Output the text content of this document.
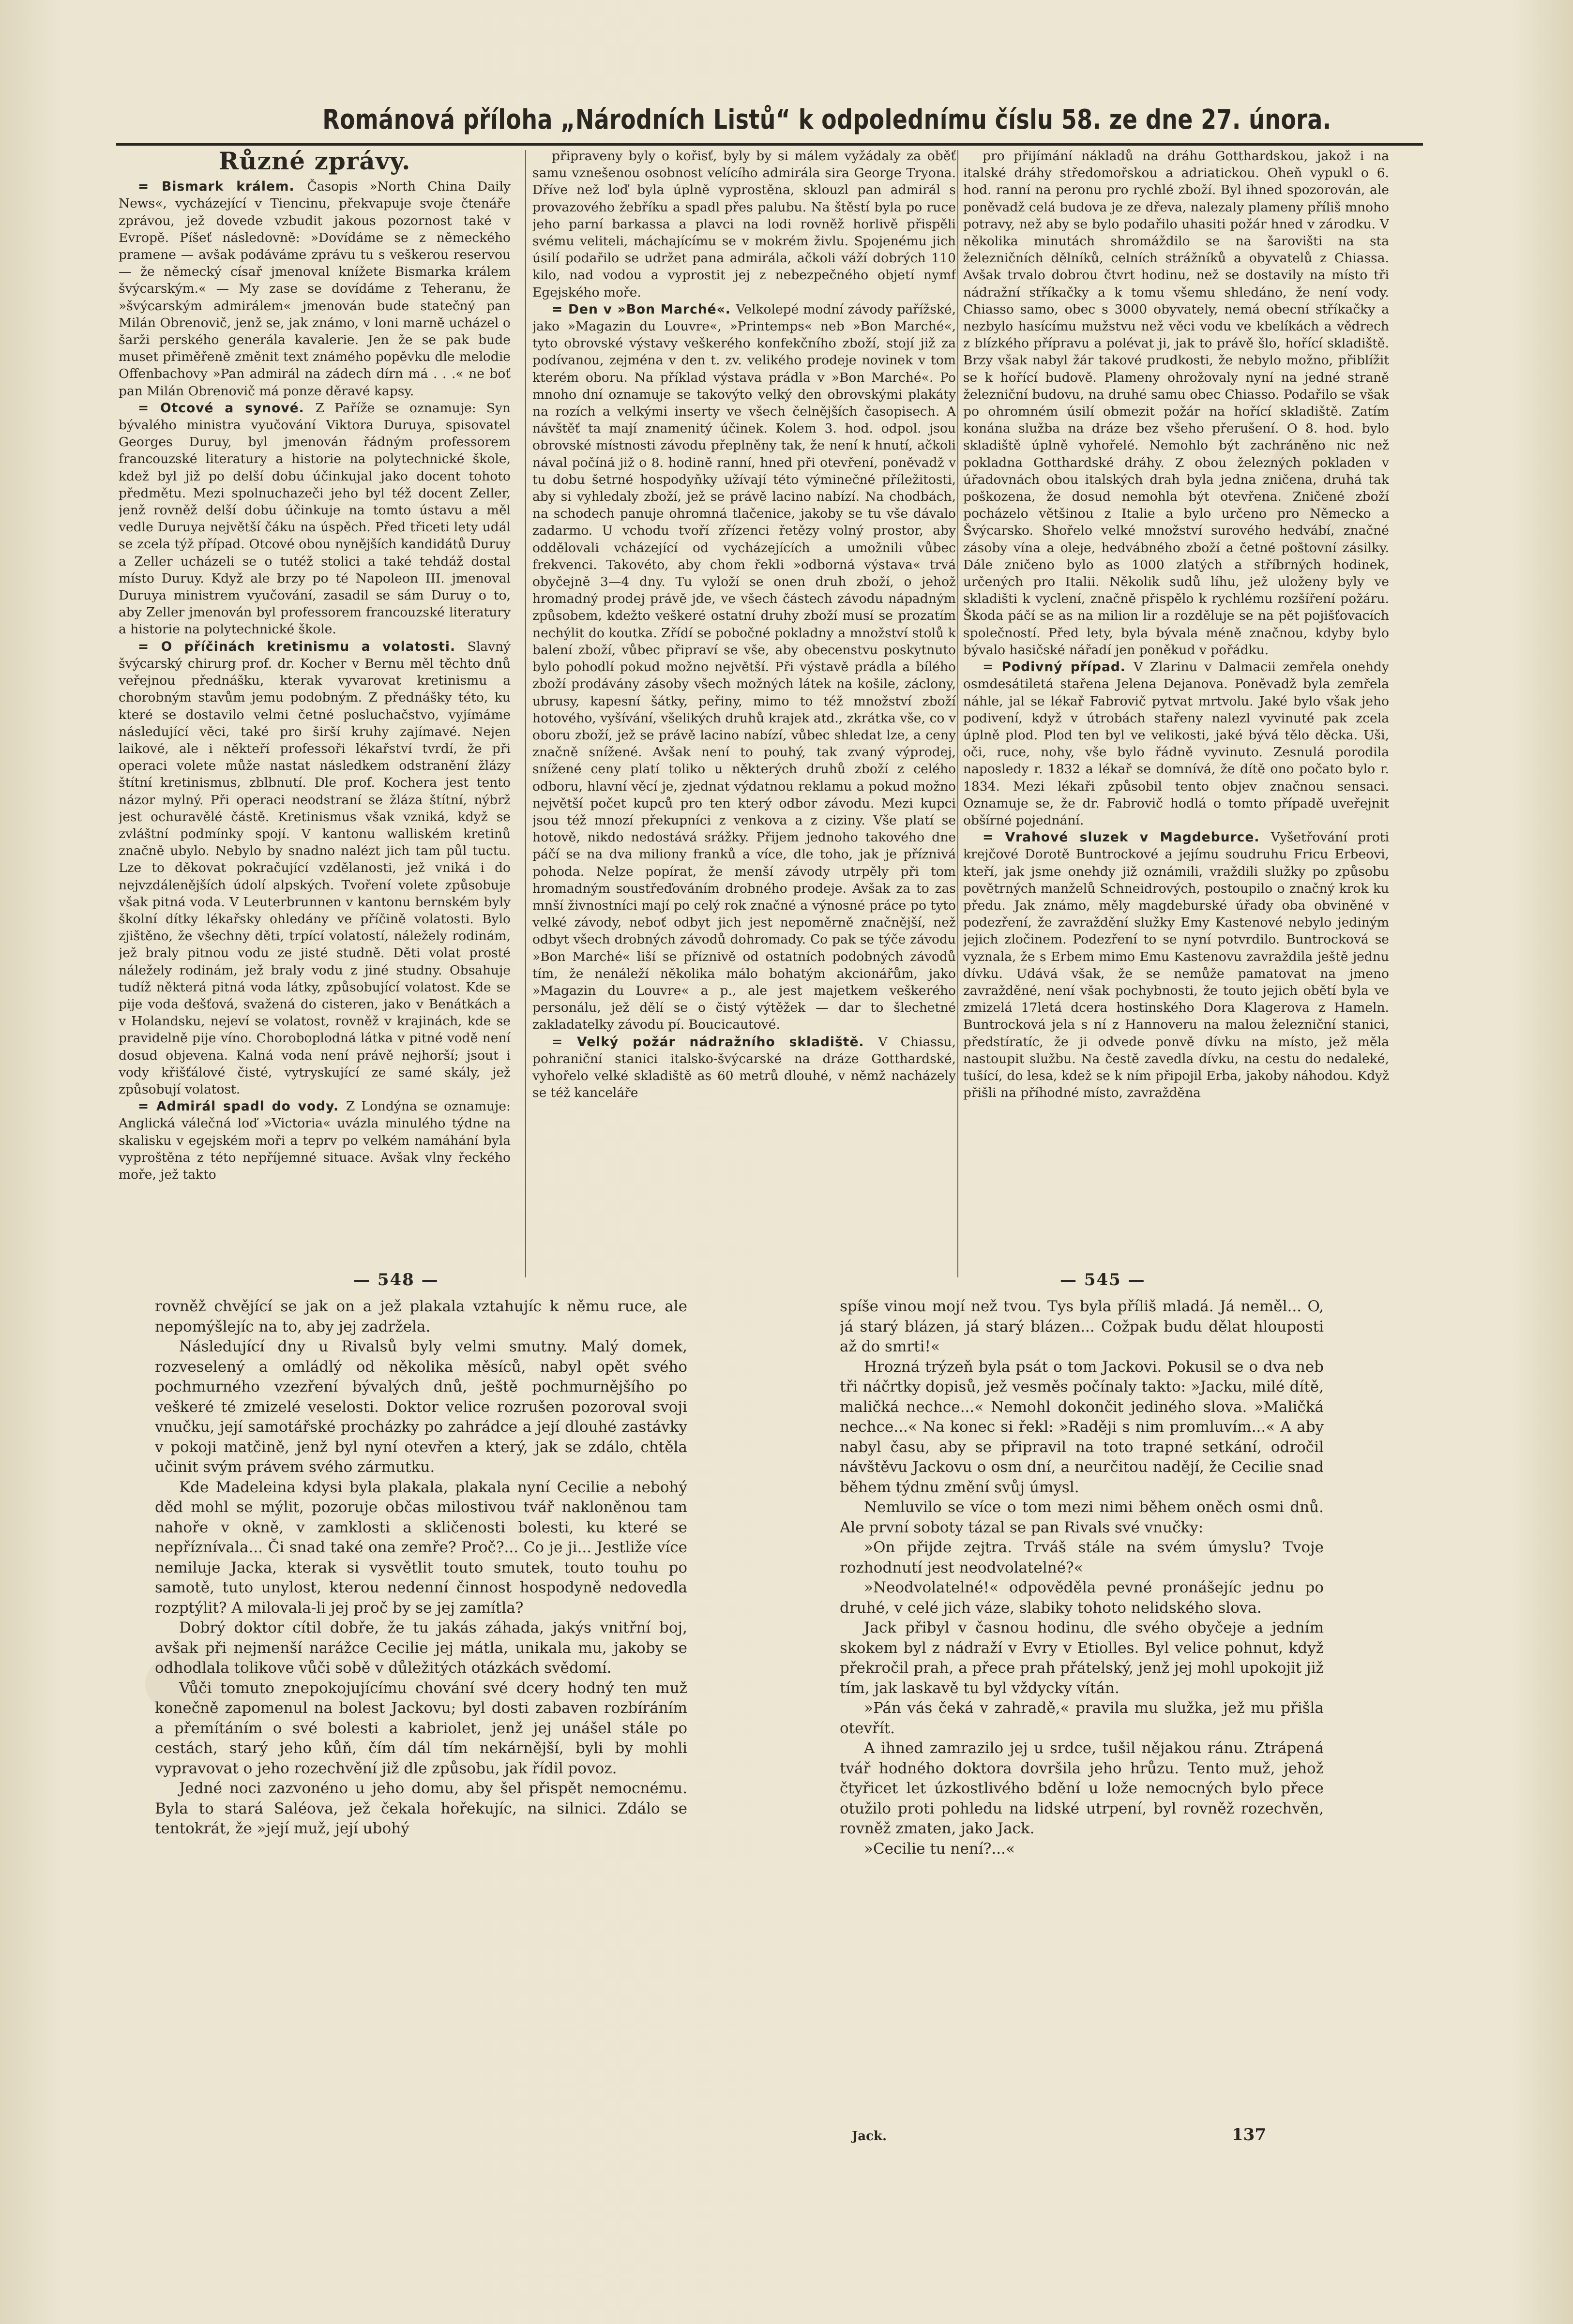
Románová příloha „Národních Listů“ k odpolednímu číslu 58. ze dne 27. února.
Různé zprávy.

= Bismark králem. Časopis »North China Daily News«, vycházející v Tiencinu, překvapuje svoje čtenáře zprávou, jež dovede vzbudit jakous pozornost také v Evropě. Píšeť následovně: »Dovídáme se z německého pramene — avšak podáváme zprávu tu s veškerou reservou — že německý císař jmenoval knížete Bismarka králem švýcarským.« — My zase se dovídáme z Teheranu, že »švýcarským admirálem« jmenován bude statečný pan Milán Obrenovič, jenž se, jak známo, v loni marně ucházel o šarži perského generála kavalerie. Jen že se pak bude muset přiměřeně změnit text známého popěvku dle melodie Offenbachovy »Pan admirál na zádech dírn má . . .« ne boť pan Milán Obrenovič má ponze děravé kapsy.

= Otcové a synové. Z Paříže se oznamuje: Syn bývalého ministra vyučování Viktora Duruya, spisovatel Georges Duruy, byl jmenován řádným professorem francouzské literatury a historie na polytechnické škole, kdež byl již po delší dobu účinkujal jako docent tohoto předmětu. Mezi spolnuchazeči jeho byl též docent Zeller, jenž rovněž delší dobu účinkuje na tomto ústavu a měl vedle Duruya největší čáku na úspěch. Před třiceti lety udál se zcela týž případ. Otcové obou nynějších kandidátů Duruy a Zeller ucházeli se o tutéž stolici a také tehdáž dostal místo Duruy. Když ale brzy po té Napoleon III. jmenoval Duruya ministrem vyučování, zasadil se sám Duruy o to, aby Zeller jmenován byl professorem francouzské literatury a historie na polytechnické škole.

= O příčinách kretinismu a volatosti. Slavný švýcarský chirurg prof. dr. Kocher v Bernu měl těchto dnů veřejnou přednášku, kterak vyvarovat kretinismu a chorobným stavům jemu podobným. Z přednášky této, ku které se dostavilo velmi četné posluchačstvo, vyjímáme následující věci, také pro širší kruhy zajímavé. Nejen laikové, ale i někteří professoři lékařství tvrdí, že při operaci volete může nastat následkem odstranění žlázy štítní kretinismus, zblbnutí. Dle prof. Kochera jest tento názor mylný. Při operaci neodstraní se žláza štítní, nýbrž jest ochuravělé částě. Kretinismus však vzniká, když se zvláštní podmínky spojí. V kantonu walliském kretinů značně ubylo. Nebylo by snadno nalézt jich tam půl tuctu. Lze to děkovat pokračující vzdělanosti, jež vniká i do nejvzdálenějších údolí alpských. Tvoření volete způsobuje však pitná voda. V Leuterbrunnen v kantonu bernském byly školní dítky lékařsky ohledány ve příčině volatosti. Bylo zjištěno, že všechny děti, trpící volatostí, náležely rodinám, jež braly pitnou vodu ze jisté studně. Děti volat prosté náležely rodinám, jež braly vodu z jiné studny. Obsahuje tudíž některá pitná voda látky, způsobující volatost. Kde se pije voda dešťová, svažená do cisteren, jako v Benátkách a v Holandsku, nejeví se volatost, rovněž v krajinách, kde se pravidelně pije víno. Choroboplodná látka v pitné vodě není dosud objevena. Kalná voda není právě nejhorší; jsout i vody křišťálové čisté, vytryskující ze samé skály, jež způsobují volatost.

= Admirál spadl do vody. Z Londýna se oznamuje: Anglická válečná loď »Victoria« uvázla minulého týdne na skalisku v egejském moři a teprv po velkém namáhání byla vyproštěna z této nepříjemné situace. Avšak vlny řeckého moře, jež takto

připraveny byly o kořisť, byly by si málem vyžádaly za oběť samu vznešenou osobnost velícího admirála sira George Tryona. Dříve než loď byla úplně vyprostěna, sklouzl pan admirál s provazového žebříku a spadl přes palubu. Na štěstí byla po ruce jeho parní barkassa a plavci na lodi rovněž horlivě přispěli svému veliteli, máchajícímu se v mokrém živlu. Spojenému jich úsilí podařilo se udržet pana admirála, ačkoli váží dobrých 110 kilo, nad vodou a vyprostit jej z nebezpečného objetí nymf Egejského moře.

= Den v »Bon Marché«. Velkolepé modní závody pařížské, jako »Magazin du Louvre«, »Printemps« neb »Bon Marché«, tyto obrovské výstavy veškerého konfekčního zboží, stojí již za podívanou, zejména v den t. zv. velikého prodeje novinek v tom kterém oboru. Na příklad výstava prádla v »Bon Marché«. Po mnoho dní oznamuje se takovýto velký den obrovskými plakáty na rozích a velkými inserty ve všech čelnějších časopisech. A návštěť ta mají znamenitý účinek. Kolem 3. hod. odpol. jsou obrovské místnosti závodu přeplněny tak, že není k hnutí, ačkoli nával počíná již o 8. hodině ranní, hned při otevření, poněvadž v tu dobu šetrné hospodyňky užívají této výminečné příležitosti, aby si vyhledaly zboží, jež se právě lacino nabízí. Na chodbách, na schodech panuje ohromná tlačenice, jakoby se tu vše dávalo zadarmo. U vchodu tvoří zřízenci řetězy volný prostor, aby oddělovali vcházející od vycházejících a umožnili vůbec frekvenci. Takovéto, aby chom řekli »odborná výstava« trvá obyčejně 3—4 dny. Tu vyloží se onen druh zboží, o jehož hromadný prodej právě jde, ve všech částech závodu nápadným způsobem, kdežto veškeré ostatní druhy zboží musí se prozatím nechýlit do koutka. Zřídí se pobočné pokladny a množství stolů k balení zboží, vůbec připraví se vše, aby obecenstvu poskytnuto bylo pohodlí pokud možno největší. Při výstavě prádla a bílého zboží prodávány zásoby všech možných látek na košile, záclony, ubrusy, kapesní šátky, peřiny, mimo to též množství zboží hotového, vyšívání, všelikých druhů krajek atd., zkrátka vše, co v oboru zboží, jež se právě lacino nabízí, vůbec shledat lze, a ceny značně snížené. Avšak není to pouhý, tak zvaný výprodej, snížené ceny platí toliko u některých druhů zboží z celého odboru, hlavní věcí je, zjednat výdatnou reklamu a pokud možno největší počet kupců pro ten který odbor závodu. Mezi kupci jsou též mnozí překupníci z venkova a z ciziny. Vše platí se hotově, nikdo nedostává srážky. Přijem jednoho takového dne páčí se na dva miliony franků a více, dle toho, jak je příznivá pohoda. Nelze popírat, že menší závody utrpěly při tom hromadným soustřeďováním drobného prodeje. Avšak za to zas mnší živnostníci mají po celý rok značné a výnosné práce po tyto velké závody, neboť odbyt jich jest nepoměrně značnější, než odbyt všech drobných závodů dohromady. Co pak se týče závodu »Bon Marché« liší se příznivě od ostatních podobných závodů tím, že nenáleží několika málo bohatým akcionářům, jako »Magazin du Louvre« a p., ale jest majetkem veškerého personálu, jež dělí se o čistý výtěžek — dar to šlechetné zakladatelky závodu pí. Boucicautové.

= Velký požár nádražního skladiště. V Chiassu, pohraniční stanici italsko-švýcarské na dráze Gotthardské, vyhořelo velké skladiště as 60 metrů dlouhé, v němž nacházely se též kanceláře

pro přijímání nákladů na dráhu Gotthardskou, jakož i na italské dráhy středomořskou a adriatickou. Oheň vypukl o 6. hod. ranní na peronu pro rychlé zboží. Byl ihned spozorován, ale poněvadž celá budova je ze dřeva, nalezaly plameny příliš mnoho potravy, než aby se bylo podařilo uhasiti požár hned v zárodku. V několika minutách shromáždilo se na šarovišti na sta železničních dělníků, celních strážníků a obyvatelů z Chiassa. Avšak trvalo dobrou čtvrt hodinu, než se dostavily na místo tři nádražní stříkačky a k tomu všemu shledáno, že není vody. Chiasso samo, obec s 3000 obyvately, nemá obecní stříkačky a nezbylo hasícímu mužstvu než věci vodu ve kbelíkách a vědrech z blízkého přípravu a polévat ji, jak to právě šlo, hořící skladiště. Brzy však nabyl žár takové prudkosti, že nebylo možno, přiblížit se k hořící budově. Plameny ohrožovaly nyní na jedné straně železniční budovu, na druhé samu obec Chiasso. Podařilo se však po ohromném úsilí obmezit požár na hořící skladiště. Zatím konána služba na dráze bez všeho přerušení. O 8. hod. bylo skladiště úplně vyhořelé. Nemohlo být zachráněno nic než pokladna Gotthardské dráhy. Z obou železných pokladen v úřadovnách obou italských drah byla jedna zničena, druhá tak poškozena, že dosud nemohla být otevřena. Zničené zboží pocházelo většinou z Italie a bylo určeno pro Německo a Švýcarsko. Shořelo velké množství surového hedvábí, značné zásoby vína a oleje, hedvábného zboží a četné poštovní zásilky. Dále zničeno bylo as 1000 zlatých a stříbrných hodinek, určených pro Italii. Několik sudů líhu, jež uloženy byly ve skladišti k vyclení, značně přispělo k rychlému rozšíření požáru. Škoda páčí se as na milion lir a rozděluje se na pět pojišťovacích společností. Před lety, byla bývala méně značnou, kdyby bylo bývalo hasičské nářadí jen poněkud v pořádku.

= Podivný případ. V Zlarinu v Dalmacii zemřela onehdy osmdesátiletá stařena Jelena Dejanova. Poněvadž byla zemřela náhle, jal se lékař Fabrovič pytvat mrtvolu. Jaké bylo však jeho podivení, když v útrobách stařeny nalezl vyvinuté pak zcela úplně plod. Plod ten byl ve velikosti, jaké bývá tělo děcka. Uši, oči, ruce, nohy, vše bylo řádně vyvinuto. Zesnulá porodila naposledy r. 1832 a lékař se domnívá, že dítě ono počato bylo r. 1834. Mezi lékaři způsobil tento objev značnou sensaci. Oznamuje se, že dr. Fabrovič hodlá o tomto případě uveřejnit obšírné pojednání.

= Vrahové sluzek v Magdeburce. Vyšetřování proti krejčové Dorotě Buntrockové a jejímu soudruhu Fricu Erbeovi, kteří, jak jsme onehdy již oznámili, vraždili služky po způsobu povětrných manželů Schneidrových, postoupilo o značný krok ku předu. Jak známo, měly magdeburské úřady oba obviněné v podezření, že zavraždění služky Emy Kastenové nebylo jediným jejich zločinem. Podezření to se nyní potvrdilo. Buntrocková se vyznala, že s Erbem mimo Emu Kastenovu zavraždila ještě jednu dívku. Udává však, že se nemůže pamatovat na jmeno zavražděné, není však pochybnosti, že touto jejich obětí byla ve zmizelá 17letá dcera hostinského Dora Klagerova z Hameln. Buntrocková jela s ní z Hannoveru na malou železniční stanici, předstíratíc, že ji odvede ponvě dívku na místo, jež měla nastoupit službu. Na čestě zavedla dívku, na cestu do nedaleké, tušící, do lesa, kdež se k ním připojil Erba, jakoby náhodou. Když přišli na příhodné místo, zavražděna

— 548 —	— 545 —

rovněž chvějící se jak on a jež plakala vztahujíc k němu ruce, ale nepomýšlejíc na to, aby jej zadržela.

Následující dny u Rivalsů byly velmi smutny. Malý domek, rozveselený a omládlý od několika měsíců, nabyl opět svého pochmurného vzezření bývalých dnů, ještě pochmurnějšího po veškeré té zmizelé veselosti. Doktor velice rozrušen pozoroval svoji vnučku, její samotářské procházky po zahrádce a její dlouhé zastávky v pokoji matčině, jenž byl nyní otevřen a který, jak se zdálo, chtěla učinit svým právem svého zármutku.

Kde Madeleina kdysi byla plakala, plakala nyní Cecilie a nebohý děd mohl se mýlit, pozoruje občas milostivou tvář nakloněnou tam nahoře v okně, v zamklosti a skličenosti bolesti, ku které se nepříznívala... Či snad také ona zemře? Proč?... Co je ji... Jestliže více nemiluje Jacka, kterak si vysvětlit touto smutek, touto touhu po samotě, tuto unylost, kterou nedenní činnost hospodyně nedovedla rozptýlit? A milovala-li jej proč by se jej zamítla?

Dobrý doktor cítil dobře, že tu jakás záhada, jakýs vnitřní boj, avšak při nejmenší narážce Cecilie jej mátla, unikala mu, jakoby se odhodlala tolikove vůči sobě v důležitých otázkách svědomí.

Vůči tomuto znepokojujícímu chování své dcery hodný ten muž konečně zapomenul na bolest Jackovu; byl dosti zabaven rozbíráním a přemítáním o své bolesti a kabriolet, jenž jej unášel stále po cestách, starý jeho kůň, čím dál tím nekárnější, byli by mohli vypravovat o jeho rozechvění již dle způsobu, jak řídil povoz.

Jedné noci zazvonéno u jeho domu, aby šel přispět nemocnému. Byla to stará Saléova, jež čekala hořekujíc, na silnici. Zdálo se tentokrát, že »její muž, její ubohý

spíše vinou mojí než tvou. Tys byla příliš mladá. Já neměl... O, já starý blázen, já starý blázen... Cožpak budu dělat hlouposti až do smrti!«

Hrozná trýzeň byla psát o tom Jackovi. Pokusil se o dva neb tři náčrtky dopisů, jež vesměs počínaly takto: »Jacku, milé dítě, maličká nechce...« Nemohl dokončit jediného slova. »Maličká nechce...« Na konec si řekl: »Raději s nim promluvím...« A aby nabyl času, aby se připravil na toto trapné setkání, odročil návštěvu Jackovu o osm dní, a neurčitou nadějí, že Cecilie snad během týdnu změní svůj úmysl.

Nemluvilo se více o tom mezi nimi během oněch osmi dnů. Ale první soboty tázal se pan Rivals své vnučky:

»On přijde zejtra. Trváš stále na svém úmyslu? Tvoje rozhodnutí jest neodvolatelné?«

»Neodvolatelné!« odpověděla pevné pronášejíc jednu po druhé, v celé jich váze, slabiky tohoto nelidského slova.

Jack přibyl v časnou hodinu, dle svého obyčeje a jedním skokem byl z nádraží v Evry v Etiolles. Byl velice pohnut, když překročil prah, a přece prah přátelský, jenž jej mohl upokojit již tím, jak laskavě tu byl vždycky vítán.

»Pán vás čeká v zahradě,« pravila mu služka, jež mu přišla otevřít.

A ihned zamrazilo jej u srdce, tušil nějakou ránu. Ztrápená tvář hodného doktora dovršila jeho hrůzu. Tento muž, jehož čtyřicet let úzkostlivého bdění u lože nemocných bylo přece otužilo proti pohledu na lidské utrpení, byl rovněž rozechvěn, rovněž zmaten, jako Jack.

»Cecilie tu není?...«

Jack.	137
